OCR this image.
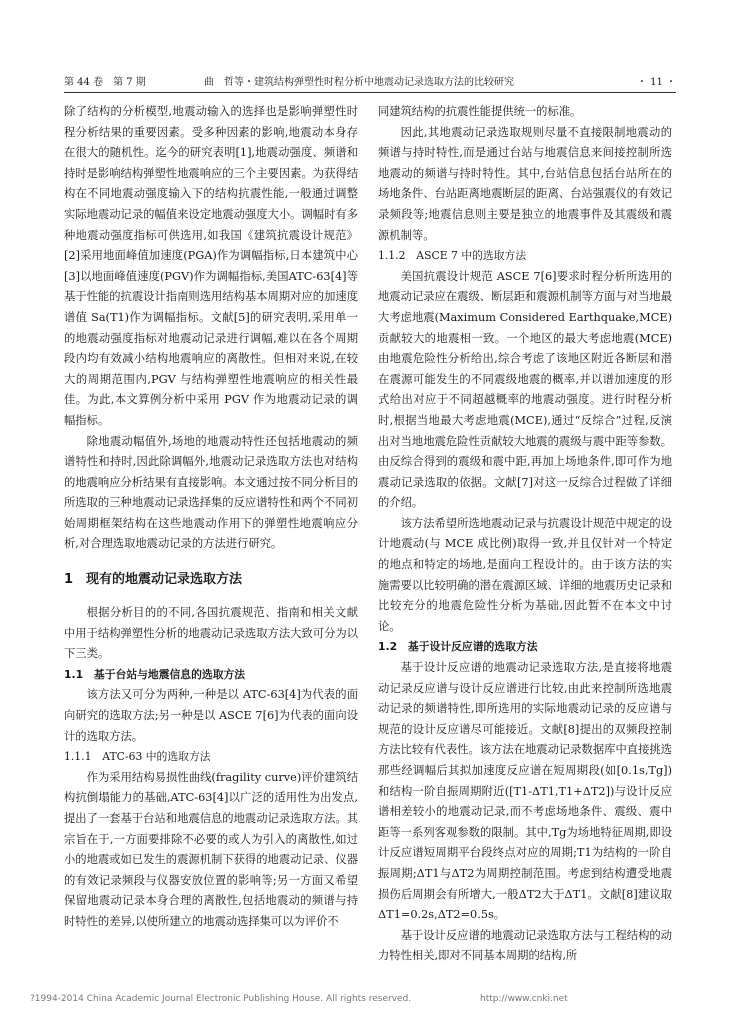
第 44 卷　第 7 期	曲　哲等・建筑结构弹塑性时程分析中地震动记录选取方法的比较研究	・ 11 ・

除了结构的分析模型,地震动输入的选择也是影响弹塑性时程分析结果的重要因素。受多种因素的影响,地震动本身存在很大的随机性。迄今的研究表明[1],地震动强度、频谱和持时是影响结构弹塑性地震响应的三个主要因素。为获得结构在不同地震动强度输入下的结构抗震性能,一般通过调整实际地震动记录的幅值来设定地震动强度大小。调幅时有多种地震动强度指标可供选用,如我国《建筑抗震设计规范》[2]采用地面峰值加速度(PGA)作为调幅指标,日本建筑中心[3]以地面峰值速度(PGV)作为调幅指标,美国ATC-63[4]等基于性能的抗震设计指南则选用结构基本周期对应的加速度谱值 Sa(T1)作为调幅指标。文献[5]的研究表明,采用单一的地震动强度指标对地震动记录进行调幅,难以在各个周期段内均有效减小结构地震响应的离散性。但相对来说,在较大的周期范围内,PGV 与结构弹塑性地震响应的相关性最佳。为此,本文算例分析中采用 PGV 作为地震动记录的调幅指标。

除地震动幅值外,场地的地震动特性还包括地震动的频谱特性和持时,因此除调幅外,地震动记录选取方法也对结构的地震响应分析结果有直接影响。本文通过按不同分析目的所选取的三种地震动记录选择集的反应谱特性和两个不同初始周期框架结构在这些地震动作用下的弹塑性地震响应分析,对合理选取地震动记录的方法进行研究。

1　现有的地震动记录选取方法

根据分析目的的不同,各国抗震规范、指南和相关文献中用于结构弹塑性分析的地震动记录选取方法大致可分为以下三类。

1.1　基于台站与地震信息的选取方法

该方法又可分为两种,一种是以 ATC-63[4]为代表的面向研究的选取方法;另一种是以 ASCE 7[6]为代表的面向设计的选取方法。

1.1.1　ATC-63 中的选取方法

作为采用结构易损性曲线(fragility curve)评价建筑结构抗倒塌能力的基础,ATC-63[4]以广泛的适用性为出发点,提出了一套基于台站和地震信息的地震动记录选取方法。其宗旨在于,一方面要排除不必要的或人为引入的离散性,如过小的地震或如已发生的震源机制下获得的地震动记录、仪器的有效记录频段与仪器安放位置的影响等;另一方面又希望保留地震动记录本身合理的离散性,包括地震动的频谱与持时特性的差异,以使所建立的地震动选择集可以为评价不

同建筑结构的抗震性能提供统一的标准。

因此,其地震动记录选取规则尽量不直接限制地震动的频谱与持时特性,而是通过台站与地震信息来间接控制所选地震动的频谱与持时特性。其中,台站信息包括台站所在的场地条件、台站距离地震断层的距离、台站强震仪的有效记录频段等;地震信息则主要是独立的地震事件及其震级和震源机制等。

1.1.2　ASCE 7 中的选取方法

美国抗震设计规范 ASCE 7[6]要求时程分析所选用的地震动记录应在震级、断层距和震源机制等方面与对当地最大考虑地震(Maximum Considered Earthquake,MCE)贡献较大的地震相一致。一个地区的最大考虑地震(MCE)由地震危险性分析给出,综合考虑了该地区附近各断层和潜在震源可能发生的不同震级地震的概率,并以谱加速度的形式给出对应于不同超越概率的地震动强度。进行时程分析时,根据当地最大考虑地震(MCE),通过“反综合”过程,反演出对当地地震危险性贡献较大地震的震级与震中距等参数。由反综合得到的震级和震中距,再加上场地条件,即可作为地震动记录选取的依据。文献[7]对这一反综合过程做了详细的介绍。

该方法希望所选地震动记录与抗震设计规范中规定的设计地震动(与 MCE 成比例)取得一致,并且仅针对一个特定的地点和特定的场地,是面向工程设计的。由于该方法的实施需要以比较明确的潜在震源区域、详细的地震历史记录和比较充分的地震危险性分析为基础,因此暂不在本文中讨论。

1.2　基于设计反应谱的选取方法

基于设计反应谱的地震动记录选取方法,是直接将地震动记录反应谱与设计反应谱进行比较,由此来控制所选地震动记录的频谱特性,即所选用的实际地震动记录的反应谱与规范的设计反应谱尽可能接近。文献[8]提出的双频段控制方法比较有代表性。该方法在地震动记录数据库中直接挑选那些经调幅后其拟加速度反应谱在短周期段(如[0.1s,Tg])和结构一阶自振周期附近([T1-ΔT1,T1+ΔT2])与设计反应谱相差较小的地震动记录,而不考虑场地条件、震级、震中距等一系列客观参数的限制。其中,Tg为场地特征周期,即设计反应谱短周期平台段终点对应的周期;T1为结构的一阶自振周期;ΔT1与ΔT2为周期控制范围。考虑到结构遭受地震损伤后周期会有所增大,一般ΔT2大于ΔT1。文献[8]建议取ΔT1=0.2s,ΔT2=0.5s。

基于设计反应谱的地震动记录选取方法与工程结构的动力特性相关,即对不同基本周期的结构,所

?1994-2014 China Academic Journal Electronic Publishing House. All rights reserved.	http://www.cnki.net
